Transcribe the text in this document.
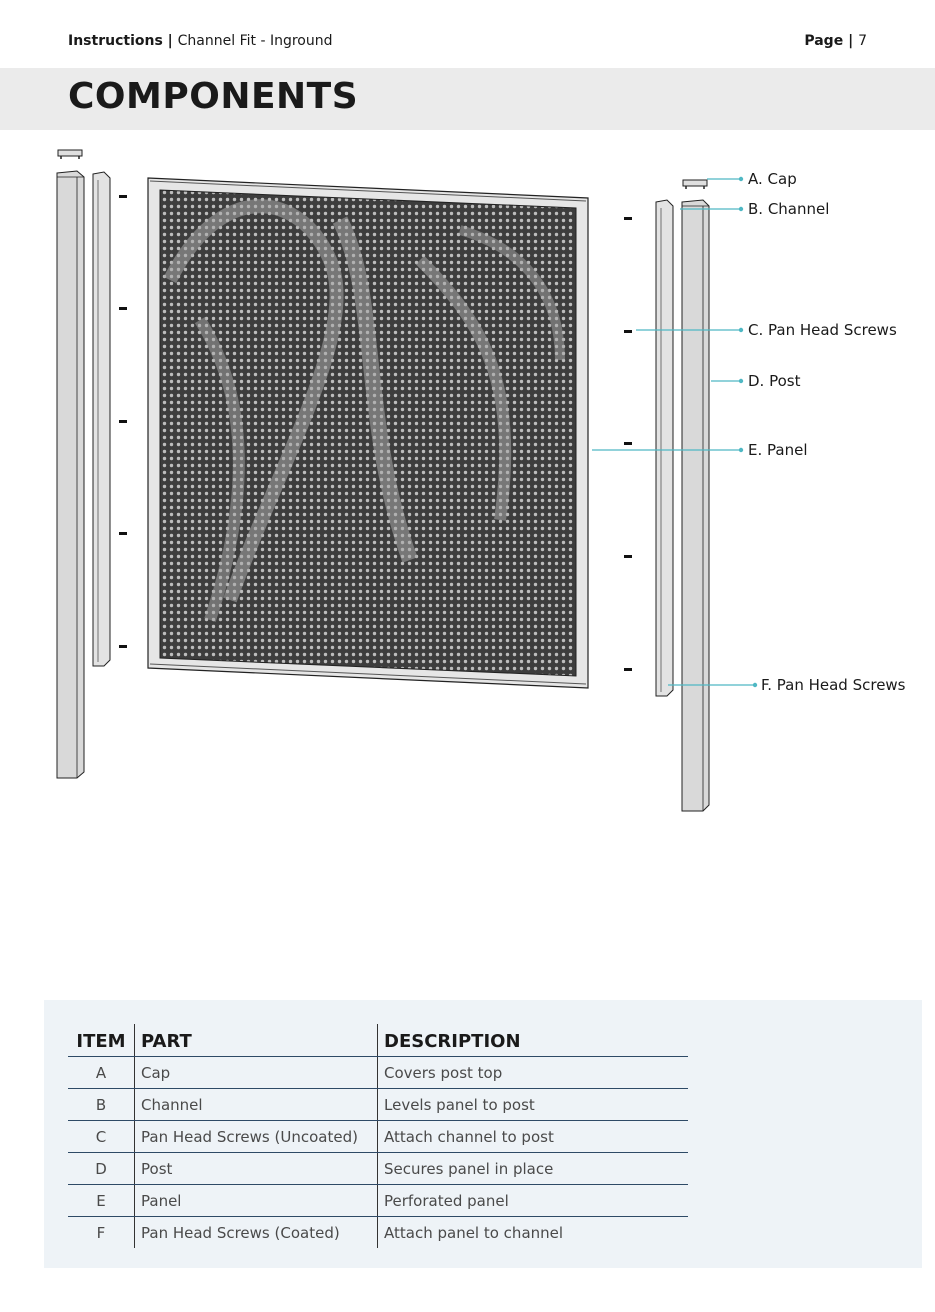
Instructions | Channel Fit - Inground	Page | 7
COMPONENTS
A. Cap
B. Channel
C. Pan Head Screws
D. Post
E. Panel
F. Pan Head Screws
ITEM	PART	DESCRIPTION
A	Cap	Covers post top
B	Channel	Levels panel to post
C	Pan Head Screws (Uncoated)	Attach channel to post
D	Post	Secures panel in place
E	Panel	Perforated panel
F	Pan Head Screws (Coated)	Attach panel to channel
